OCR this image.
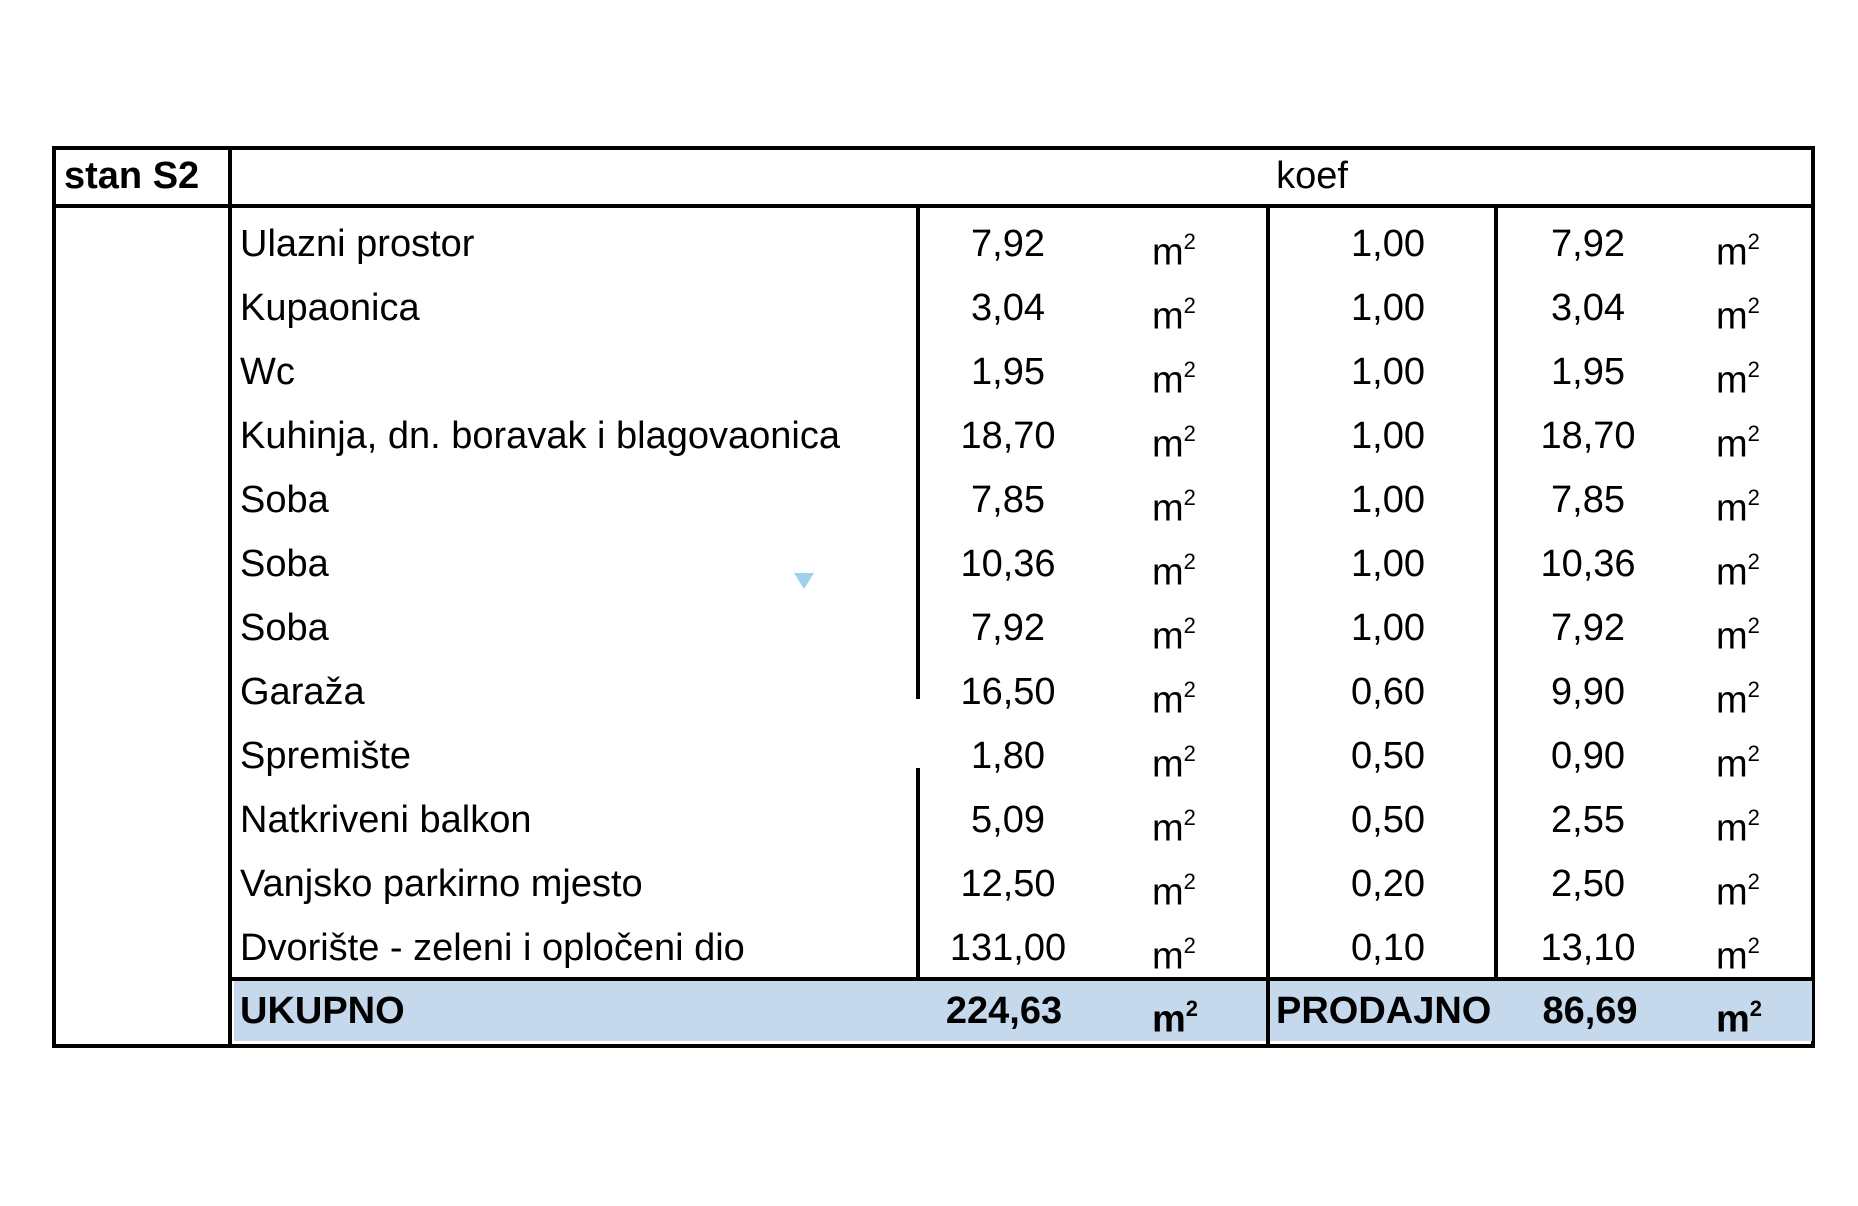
stan S2	koef
Ulazni prostor	7,92	$m^2$	1,00	7,92	$m^2$
Kupaonica	3,04	$m^2$	1,00	3,04	$m^2$
Wc	1,95	$m^2$	1,00	1,95	$m^2$
Kuhinja, dn. boravak i blagovaonica	18,70	$m^2$	1,00	18,70	$m^2$
Soba	7,85	$m^2$	1,00	7,85	$m^2$
Soba	10,36	$m^2$	1,00	10,36	$m^2$
Soba	7,92	$m^2$	1,00	7,92	$m^2$
Garaža	16,50	$m^2$	0,60	9,90	$m^2$
Spremište	1,80	$m^2$	0,50	0,90	$m^2$
Natkriveni balkon	5,09	$m^2$	0,50	2,55	$m^2$
Vanjsko parkirno mjesto	12,50	$m^2$	0,20	2,50	$m^2$
Dvorište - zeleni i opločeni dio	131,00	$m^2$	0,10	13,10	$m^2$
UKUPNO	224,63	$m^2$	PRODAJNO	86,69	$m^2$
